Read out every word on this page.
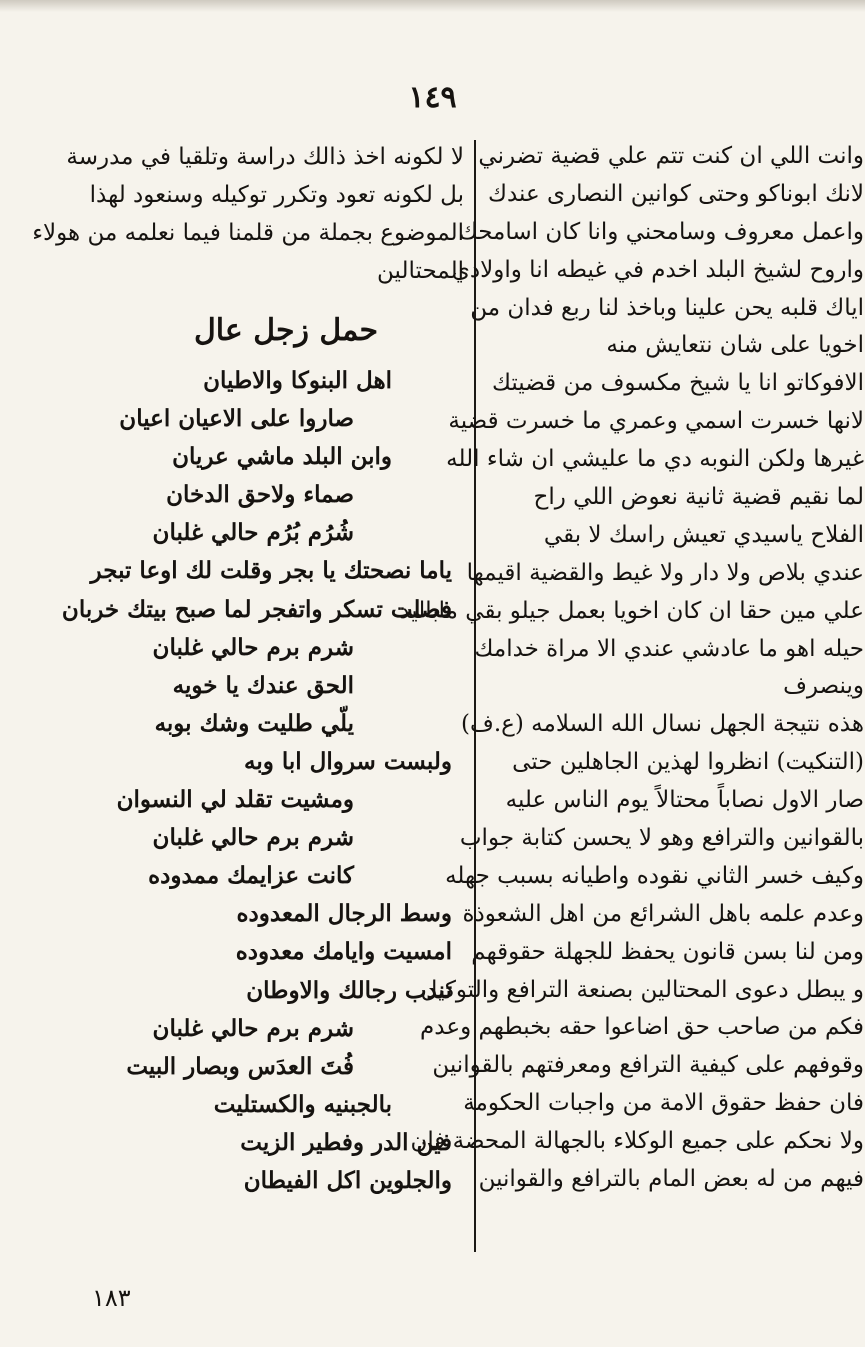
١٤٩
وانت اللي ان كنت تتم علي قضية تضرني
لانك ابوناكو وحتى كوانين النصارى عندك
واعمل معروف وسامحني وانا كان اسامحك
واروح لشيخ البلد اخدم في غيطه انا واولادي
اياك قلبه يحن علينا وباخذ لنا ربع فدان من
اخويا على شان نتعايش منه
الافوكاتو انا يا شيخ مكسوف من قضيتك
لانها خسرت اسمي وعمري ما خسرت قضية
غيرها ولكن النوبه دي ما عليشي ان شاء الله
لما نقيم قضية ثانية نعوض اللي راح
الفلاح ياسيدي تعيش راسك لا بقي
عندي بلاص ولا دار ولا غيط والقضية اقيمها
علي مين حقا ان كان اخويا بعمل جيلو بقي ماباليد
حيله اهو ما عادشي عندي الا مراة خدامك
وينصرف
هذه نتيجة الجهل نسال الله السلامه (ع.ف)
(التنكيت) انظروا لهذين الجاهلين حتى
صار الاول نصاباً محتالاً يوم الناس عليه
بالقوانين والترافع وهو لا يحسن كتابة جواب
وكيف خسر الثاني نقوده واطيانه بسبب جهله
وعدم علمه باهل الشرائع من اهل الشعوذة
ومن لنا بسن قانون يحفظ للجهلة حقوقهم
و يبطل دعوى المحتالين بصنعة الترافع والتوكيل
فكم من صاحب حق اضاعوا حقه بخبطهم وعدم
وقوفهم على كيفية الترافع ومعرفتهم بالقوانين
فان حفظ حقوق الامة من واجبات الحكومة
ولا نحكم على جميع الوكلاء بالجهالة المحضة فان
فيهم من له بعض المام بالترافع والقوانين
لا لكونه اخذ ذالك دراسة وتلقيا في مدرسة
بل لكونه تعود وتكرر توكيله وسنعود لهذا
الموضوع بجملة من قلمنا فيما نعلمه من هولاء
المحتالين
حمل زجل عال
اهل البنوكا والاطيان
صاروا على الاعيان اعيان
وابن البلد ماشي عريان
صماء ولاحق الدخان
شُرُم بُرُم حالي غلبان
ياما نصحتك يا بجر وقلت لك اوعا تبجر
فصلت تسكر واتفجر لما صبح بيتك خربان
شرم برم حالي غلبان
الحق عندك يا خويه
يلّي طليت وشك بوبه
ولبست سروال ابا وبه
ومشيت تقلد لي النسوان
شرم برم حالي غلبان
كانت عزايمك ممدوده
وسط الرجال المعدوده
امسيت وايامك معدوده
تندب رجالك والاوطان
شرم برم حالي غلبان
فُتَ العدَس وبصار البيت
بالجبنيه والكستليت
فين الدر وفطير الزيت
والجلوين اكل الفيطان
١٨٣
